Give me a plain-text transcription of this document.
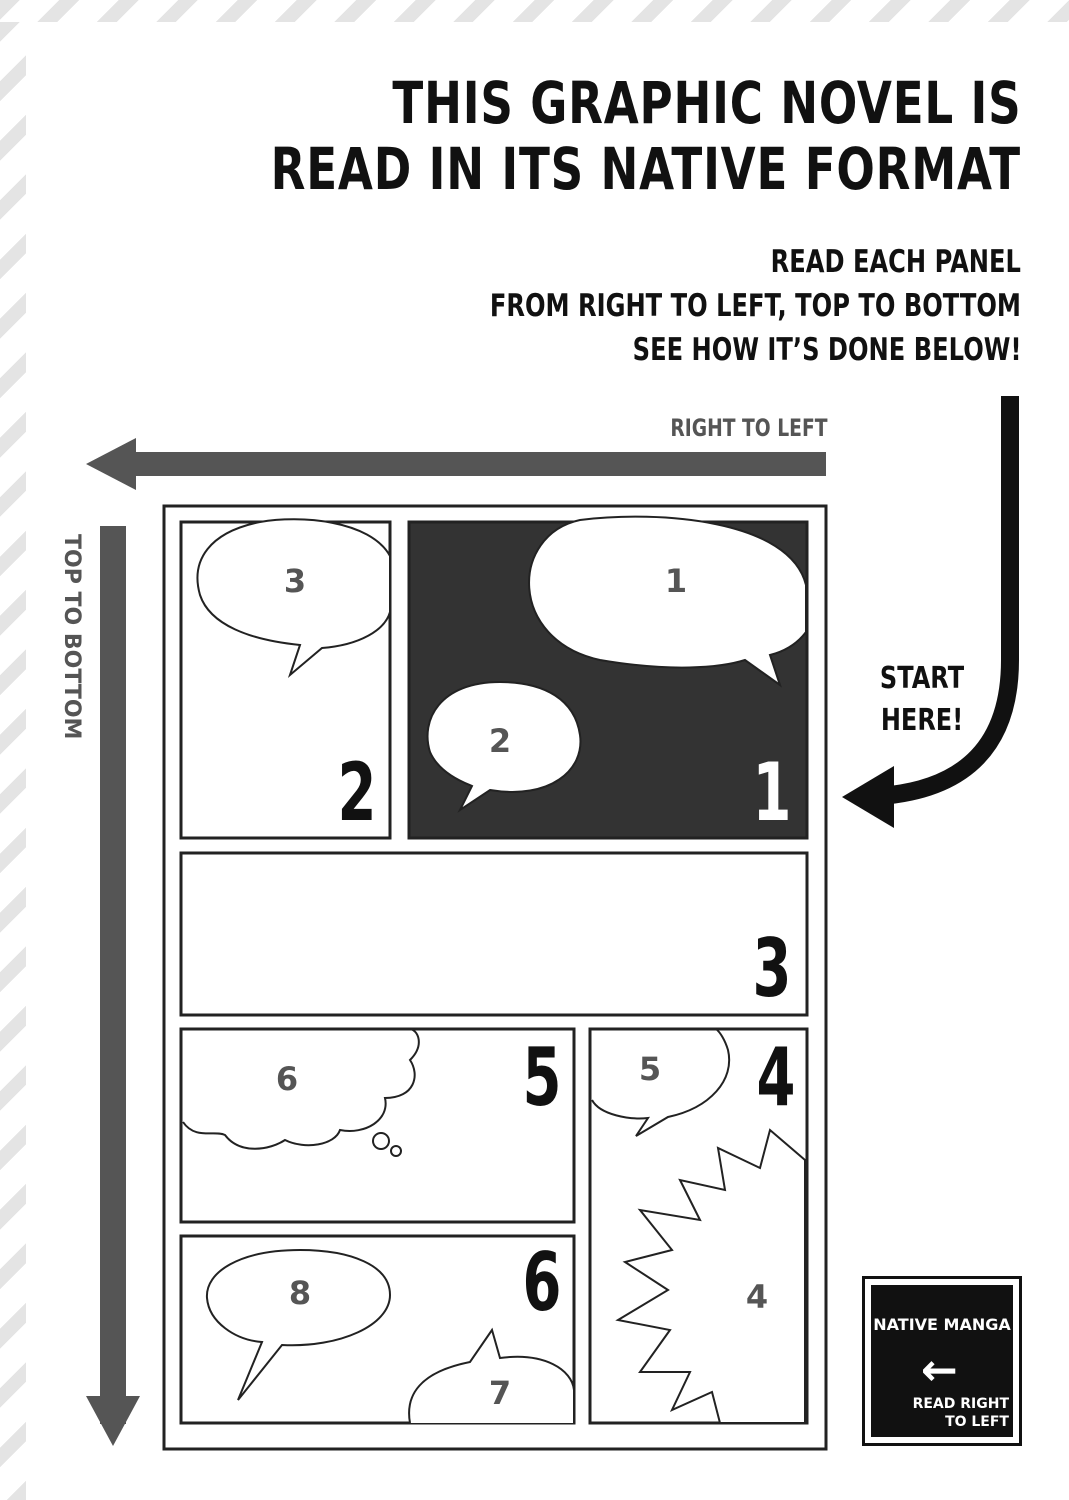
THIS GRAPHIC NOVEL IS
READ IN ITS NATIVE FORMAT
READ EACH PANEL
FROM RIGHT TO LEFT, TOP TO BOTTOM
SEE HOW IT’S DONE BELOW!
RIGHT TO LEFT
TOP TO BOTTOM	START
HERE!
1
2
3
5 4
6
1
2
3
6	5
4
8
7
NATIVE MANGA
←
READ RIGHT
TO LEFT
